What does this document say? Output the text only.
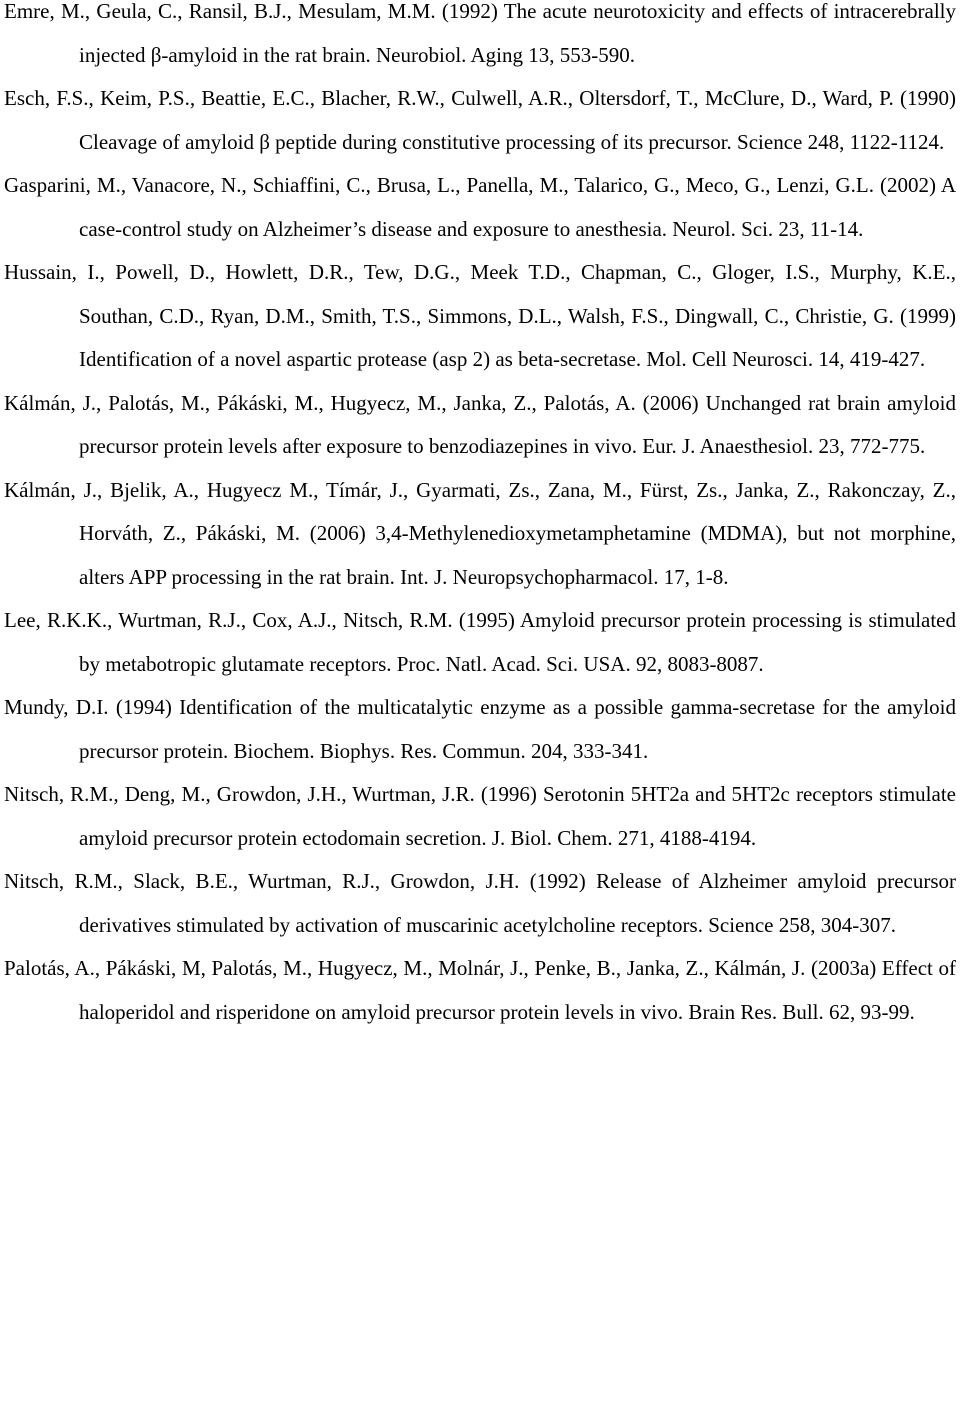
Emre, M., Geula, C., Ransil, B.J., Mesulam, M.M. (1992) The acute neurotoxicity and effects of intracerebrally injected β-amyloid in the rat brain. Neurobiol. Aging 13, 553-590.

Esch, F.S., Keim, P.S., Beattie, E.C., Blacher, R.W., Culwell, A.R., Oltersdorf, T., McClure, D., Ward, P. (1990) Cleavage of amyloid β peptide during constitutive processing of its precursor. Science 248, 1122-1124.

Gasparini, M., Vanacore, N., Schiaffini, C., Brusa, L., Panella, M., Talarico, G., Meco, G., Lenzi, G.L. (2002) A case-control study on Alzheimer’s disease and exposure to anesthesia. Neurol. Sci. 23, 11-14.

Hussain, I., Powell, D., Howlett, D.R., Tew, D.G., Meek T.D., Chapman, C., Gloger, I.S., Murphy, K.E., Southan, C.D., Ryan, D.M., Smith, T.S., Simmons, D.L., Walsh, F.S., Dingwall, C., Christie, G. (1999) Identification of a novel aspartic protease (asp 2) as beta-secretase. Mol. Cell Neurosci. 14, 419-427.

Kálmán, J., Palotás, M., Pákáski, M., Hugyecz, M., Janka, Z., Palotás, A. (2006) Unchanged rat brain amyloid precursor protein levels after exposure to benzodiazepines in vivo. Eur. J. Anaesthesiol. 23, 772-775.

Kálmán, J., Bjelik, A., Hugyecz M., Tímár, J., Gyarmati, Zs., Zana, M., Fürst, Zs., Janka, Z., Rakonczay, Z., Horváth, Z., Pákáski, M. (2006) 3,4-Methylenedioxymetamphetamine (MDMA), but not morphine, alters APP processing in the rat brain. Int. J. Neuropsychopharmacol. 17, 1-8.

Lee, R.K.K., Wurtman, R.J., Cox, A.J., Nitsch, R.M. (1995) Amyloid precursor protein processing is stimulated by metabotropic glutamate receptors. Proc. Natl. Acad. Sci. USA. 92, 8083-8087.

Mundy, D.I. (1994) Identification of the multicatalytic enzyme as a possible gamma-secretase for the amyloid precursor protein. Biochem. Biophys. Res. Commun. 204, 333-341.

Nitsch, R.M., Deng, M., Growdon, J.H., Wurtman, J.R. (1996) Serotonin 5HT2a and 5HT2c receptors stimulate amyloid precursor protein ectodomain secretion. J. Biol. Chem. 271, 4188-4194.

Nitsch, R.M., Slack, B.E., Wurtman, R.J., Growdon, J.H. (1992) Release of Alzheimer amyloid precursor derivatives stimulated by activation of muscarinic acetylcholine receptors. Science 258, 304-307.

Palotás, A., Pákáski, M, Palotás, M., Hugyecz, M., Molnár, J., Penke, B., Janka, Z., Kálmán, J. (2003a) Effect of haloperidol and risperidone on amyloid precursor protein levels in vivo. Brain Res. Bull. 62, 93-99.
